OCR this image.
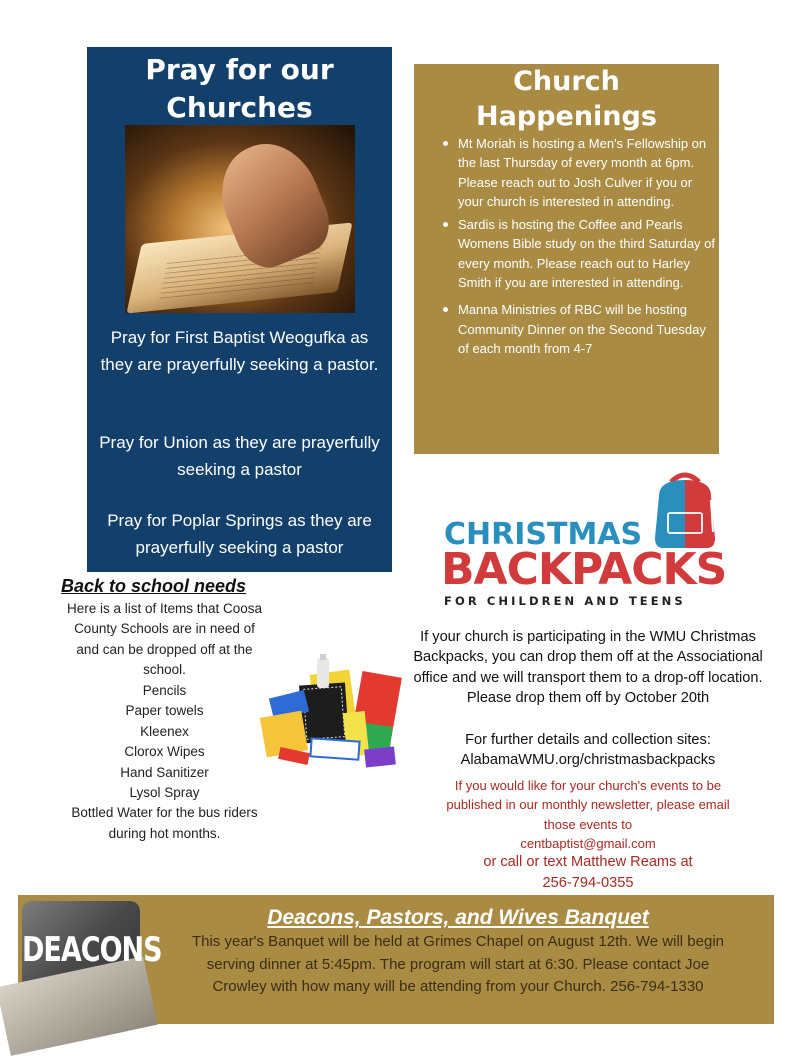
Pray for our
Churches

Pray for First Baptist Weogufka as they are prayerfully seeking a pastor.

Pray for Union as they are prayerfully seeking a pastor

Pray for Poplar Springs as they are prayerfully seeking a pastor

Church
Happenings
Mt Moriah is hosting a Men's Fellowship on the last Thursday of every month at 6pm. Please reach out to Josh Culver if you or your church is interested in attending.
Sardis is hosting the Coffee and Pearls Womens Bible study on the third Saturday of every month. Please reach out to Harley Smith if you are interested in attending.
Manna Ministries of RBC will be hosting Community Dinner on the Second Tuesday of each month from 4-7
Back to school needs

Here is a list of Items that Coosa County Schools are in need of and can be dropped off at the school.

Pencils
Paper towels
Kleenex
Clorox Wipes
Hand Sanitizer
Lysol Spray
Bottled Water for the bus riders during hot months.
CHRISTMAS
BACKPACKS
FOR CHILDREN AND TEENS

If your church is participating in the WMU Christmas Backpacks, you can drop them off at the Associational office and we will transport them to a drop-off location. Please drop them off by October 20th

For further details and collection sites:
AlabamaWMU.org/christmasbackpacks

If you would like for your church's events to be published in our monthly newsletter, please email those events to
centbaptist@gmail.com

or call or text Matthew Reams at
256-794-0355

DEACONS
Deacons, Pastors, and Wives Banquet

This year's Banquet will be held at Grimes Chapel on August 12th. We will begin serving dinner at 5:45pm. The program will start at 6:30. Please contact Joe Crowley with how many will be attending from your Church. 256-794-1330
